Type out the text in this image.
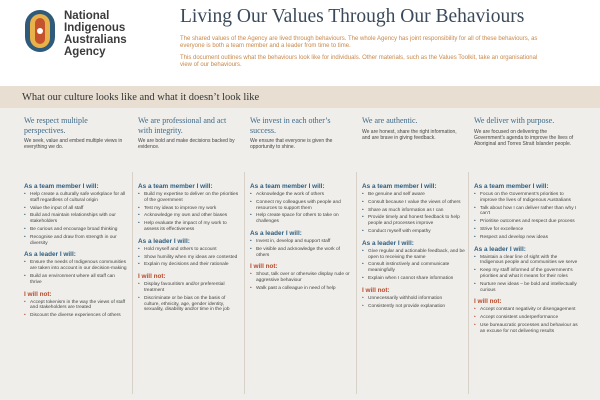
National
Indigenous
Australians
Agency
Living Our Values Through Our Behaviours

The shared values of the Agency are lived through behaviours. The whole Agency has joint responsibility for all of these behaviours, as everyone is both a team member and a leader from time to time.

This document outlines what the behaviours look like for individuals. Other materials, such as the Values Toolkit, take an organisational view of our behaviours.

What our culture looks like and what it doesn’t look like
We respect multiple perspectives.
We seek, value and embed multiple views in everything we do.
We are professional and act with integrity.
We are bold and make decisions backed by evidence.
We invest in each other’s success.
We ensure that everyone is given the opportunity to shine.
We are authentic.
We are honest, share the right information, and are brave in giving feedback.
We deliver with purpose.
We are focused on delivering the Government’s agenda to improve the lives of Aboriginal and Torres Strait Islander people.
As a team member I will:
• Help create a culturally safe workplace for all staff regardless of cultural origin
• Value the input of all staff
• Build and maintain relationships with our stakeholders
• Be curious and encourage broad thinking
• Recognise and draw from strength in our diversity
As a leader I will:
• Ensure the needs of Indigenous communities are taken into account in our decision-making
• Build an environment where all staff can thrive
I will not:
• Accept tokenism in the way the views of staff and stakeholders are treated
• Discount the diverse experiences of others
As a team member I will:
• Build my expertise to deliver on the priorities of the government
• Test my ideas to improve my work
• Acknowledge my own and other biases
• Help evaluate the impact of my work to assess its effectiveness
As a leader I will:
• Hold myself and others to account
• Show humility when my ideas are contested
• Explain my decisions and their rationale
I will not:
• Display favouritism and/or preferential treatment
• Discriminate or be bias on the basis of culture, ethnicity, age, gender identity, sexuality, disability and/or time in the job
As a team member I will:
• Acknowledge the work of others
• Connect my colleagues with people and resources to support them
• Help create space for others to take on challenges
As a leader I will:
• Invest in, develop and support staff
• Be visible and acknowledge the work of others
I will not:
• Shout, talk over or otherwise display rude or aggressive behaviour
• Walk past a colleague in need of help
As a team member I will:
• Be genuine and self aware
• Consult because I value the views of others
• Share as much information as I can
• Provide timely and honest feedback to help people and processes improve
• Conduct myself with empathy
As a leader I will:
• Give regular and actionable feedback, and be open to receiving the same
• Consult instinctively and communicate meaningfully
• Explain when I cannot share information
I will not:
• Unnecessarily withhold information
• Consistently not provide explanation
As a team member I will:
• Focus on the Government’s priorities to improve the lives of Indigenous Australians
• Talk about how I can deliver rather than why I can’t
• Prioritise outcomes and respect due process
• Strive for excellence
• Respect and develop new ideas
As a leader I will:
• Maintain a clear line of sight with the Indigenous people and communities we serve
• Keep my staff informed of the government’s priorities and what it means for their roles
• Nurture new ideas – be bold and intellectually curious
I will not:
• Accept constant negativity or disengagement
• Accept consistent underperformance
• Use bureaucratic processes and behaviour as an excuse for not delivering results
